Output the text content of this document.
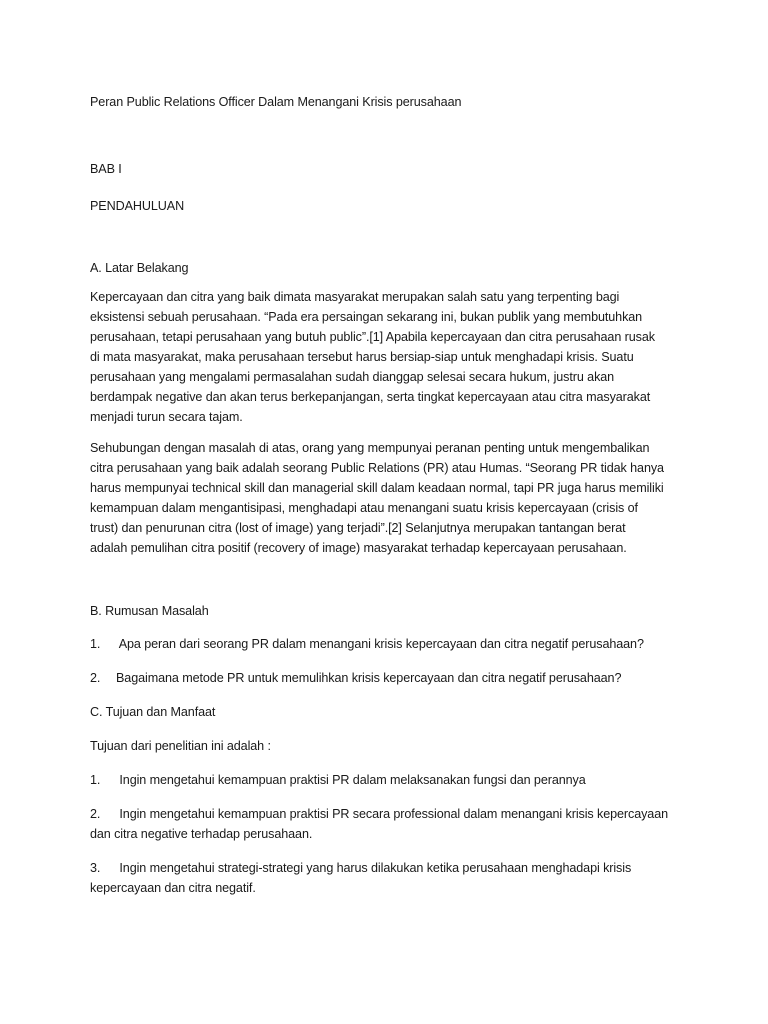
Peran Public Relations Officer Dalam Menangani Krisis perusahaan
BAB I
PENDAHULUAN
A. Latar Belakang

Kepercayaan dan citra yang baik dimata masyarakat merupakan salah satu yang terpenting bagi

eksistensi sebuah perusahaan. “Pada era persaingan sekarang ini, bukan publik yang membutuhkan

perusahaan, tetapi perusahaan yang butuh public”.[1] Apabila kepercayaan dan citra perusahaan rusak

di mata masyarakat, maka perusahaan tersebut harus bersiap-siap untuk menghadapi krisis. Suatu

perusahaan yang mengalami permasalahan sudah dianggap selesai secara hukum, justru akan

berdampak negative dan akan terus berkepanjangan, serta tingkat kepercayaan atau citra masyarakat

menjadi turun secara tajam.

Sehubungan dengan masalah di atas, orang yang mempunyai peranan penting untuk mengembalikan

citra perusahaan yang baik adalah seorang Public Relations (PR) atau Humas. “Seorang PR tidak hanya

harus mempunyai technical skill dan managerial skill dalam keadaan normal, tapi PR juga harus memiliki

kemampuan dalam mengantisipasi, menghadapi atau menangani suatu krisis kepercayaan (crisis of

trust) dan penurunan citra (lost of image) yang terjadi”.[2] Selanjutnya merupakan tantangan berat

adalah pemulihan citra positif (recovery of image) masyarakat terhadap kepercayaan perusahaan.

B. Rumusan Masalah
1. Apa peran dari seorang PR dalam menangani krisis kepercayaan dan citra negatif perusahaan?
2. Bagaimana metode PR untuk memulihkan krisis kepercayaan dan citra negatif perusahaan?
C. Tujuan dan Manfaat
Tujuan dari penelitian ini adalah :
1. Ingin mengetahui kemampuan praktisi PR dalam melaksanakan fungsi dan perannya
2. Ingin mengetahui kemampuan praktisi PR secara professional dalam menangani krisis kepercayaan
dan citra negative terhadap perusahaan.
3. Ingin mengetahui strategi-strategi yang harus dilakukan ketika perusahaan menghadapi krisis
kepercayaan dan citra negatif.
